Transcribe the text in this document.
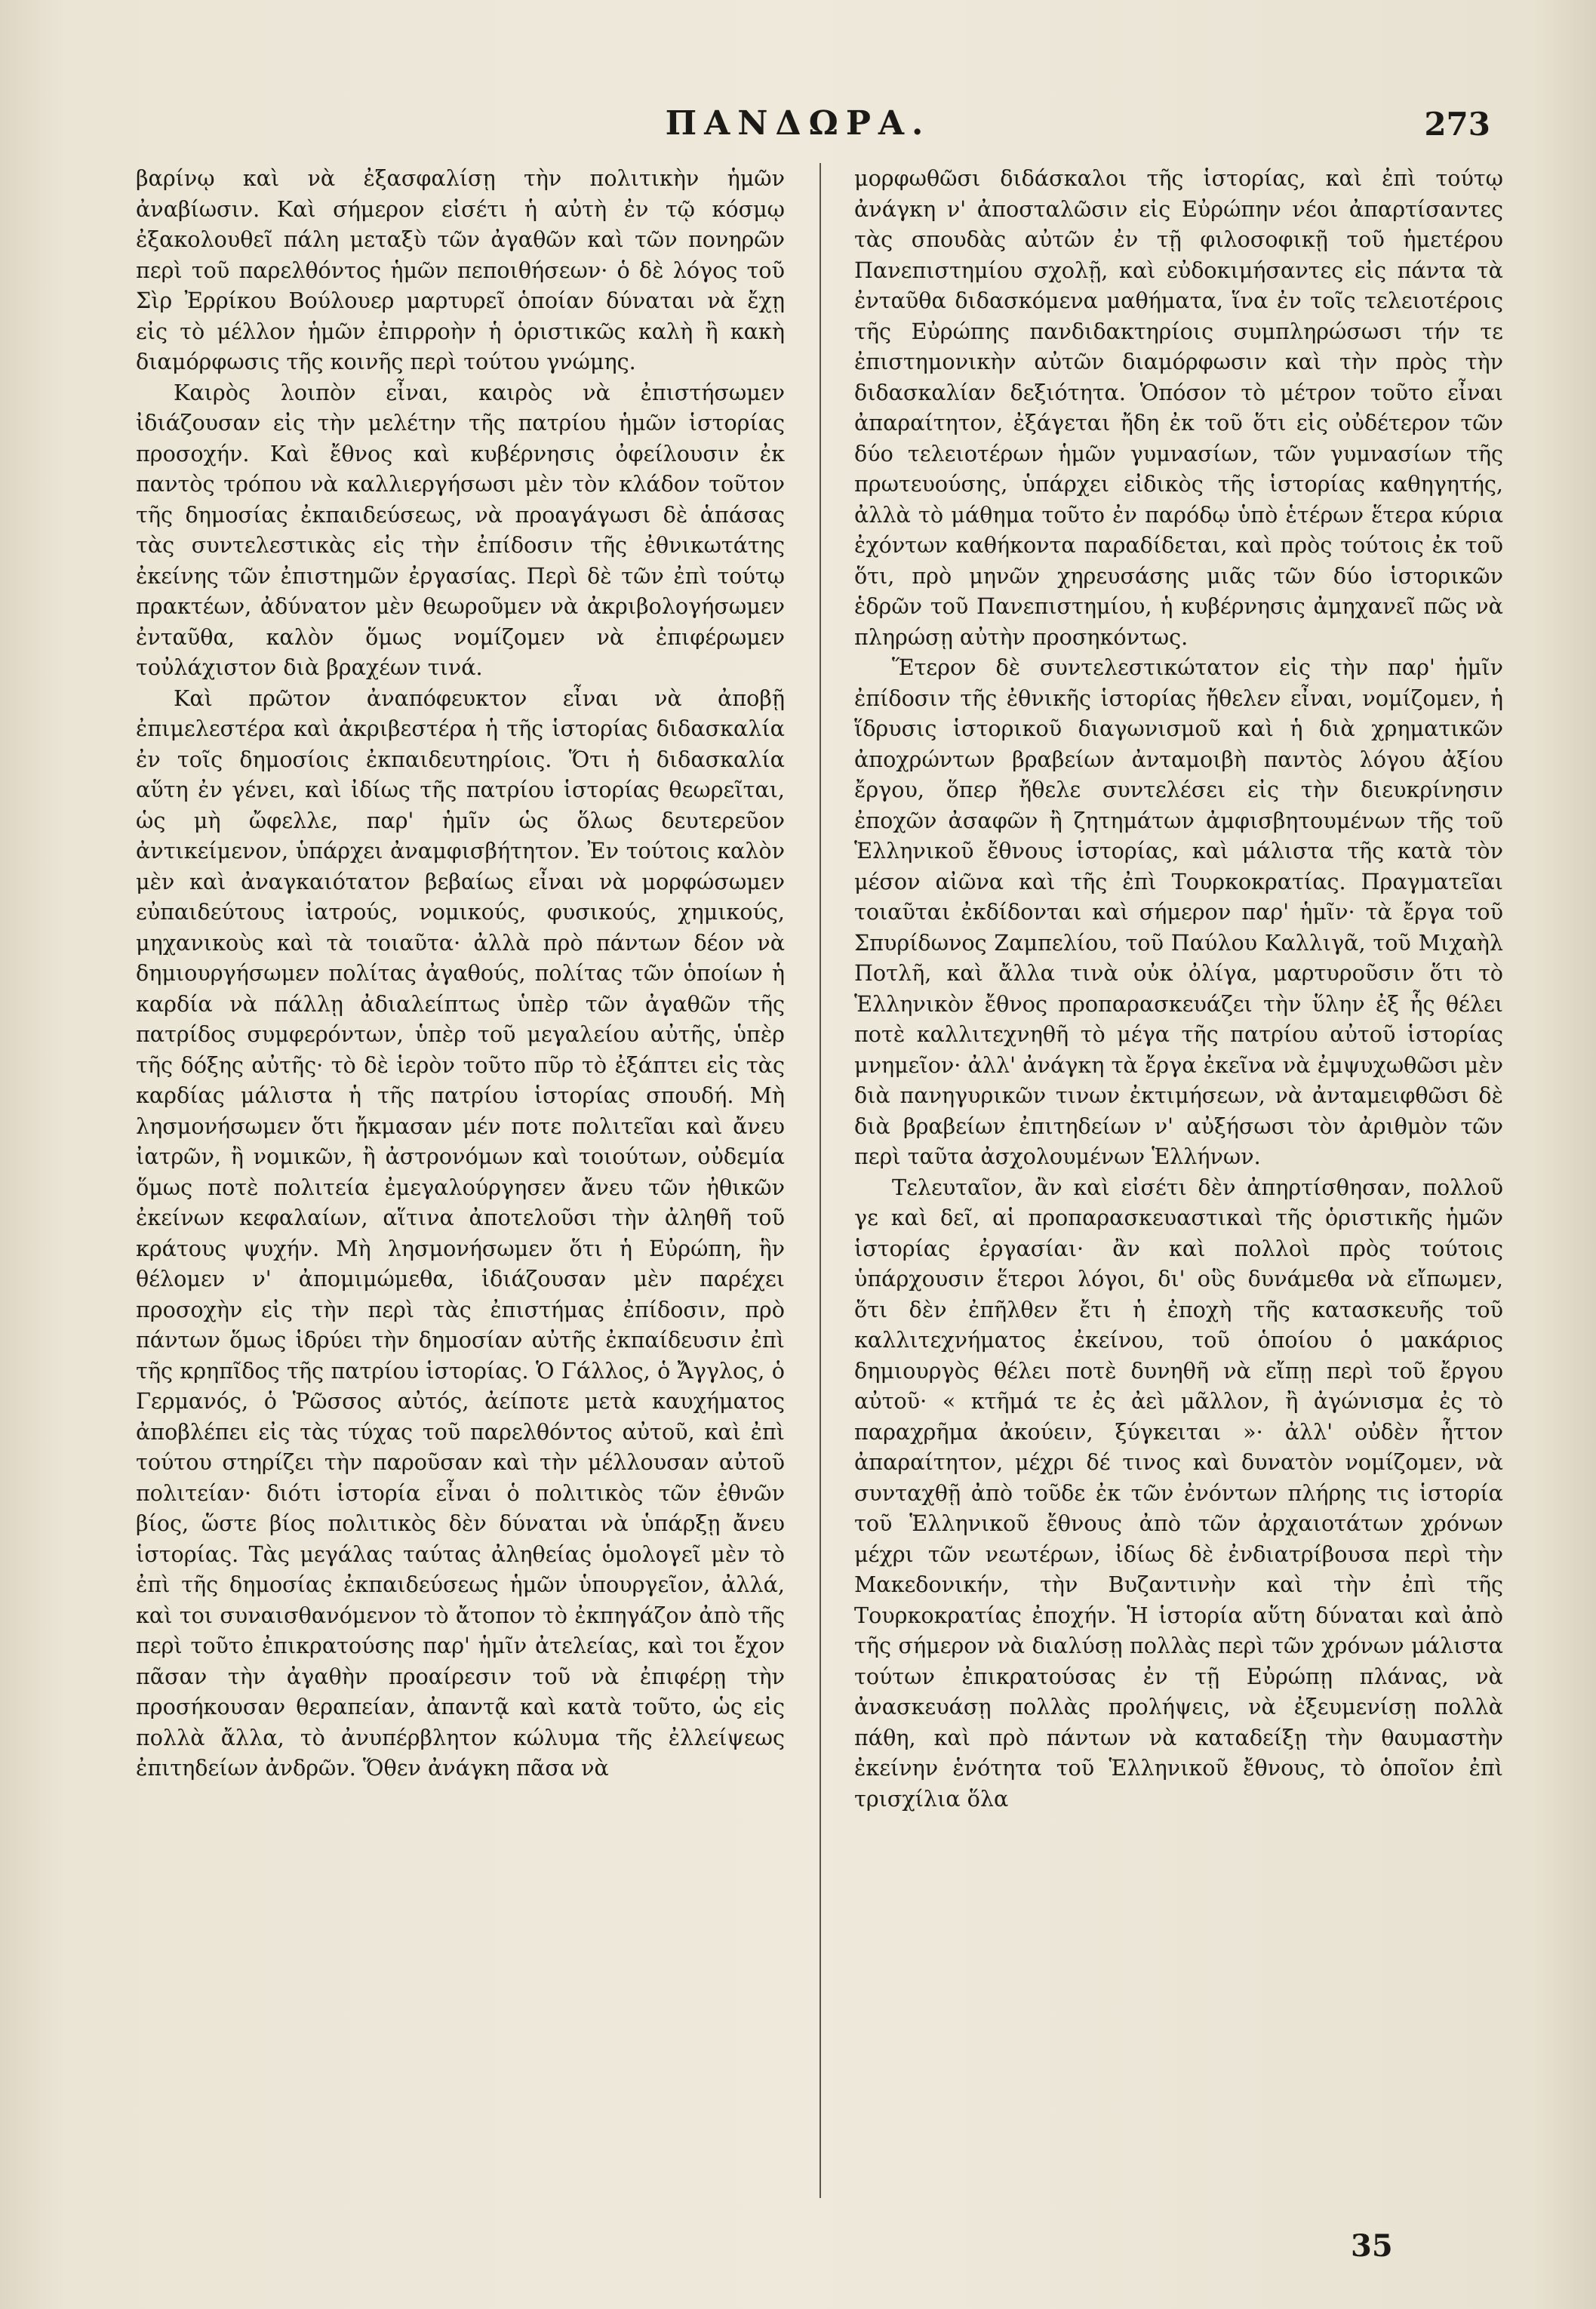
ΠΑΝΔΩΡΑ.	273

βαρίνῳ καὶ νὰ ἐξασφαλίσῃ τὴν πολιτικὴν ἡμῶν ἀναβίωσιν. Καὶ σήμερον εἰσέτι ἡ αὐτὴ ἐν τῷ κόσμῳ ἐξακολουθεῖ πάλη μεταξὺ τῶν ἀγαθῶν καὶ τῶν πονηρῶν περὶ τοῦ παρελθόντος ἡμῶν πεποιθήσεων· ὁ δὲ λόγος τοῦ Σὶρ Ἐρρίκου Βούλουερ μαρτυρεῖ ὁποίαν δύναται νὰ ἔχῃ εἰς τὸ μέλλον ἡμῶν ἐπιρροὴν ἡ ὁριστικῶς καλὴ ἢ κακὴ διαμόρφωσις τῆς κοινῆς περὶ τούτου γνώμης.

Καιρὸς λοιπὸν εἶναι, καιρὸς νὰ ἐπιστήσωμεν ἰδιάζουσαν εἰς τὴν μελέτην τῆς πατρίου ἡμῶν ἱστορίας προσοχήν. Καὶ ἔθνος καὶ κυβέρνησις ὀφείλουσιν ἐκ παντὸς τρόπου νὰ καλλιεργήσωσι μὲν τὸν κλάδον τοῦτον τῆς δημοσίας ἐκπαιδεύσεως, νὰ προαγάγωσι δὲ ἁπάσας τὰς συντελεστικὰς εἰς τὴν ἐπίδοσιν τῆς ἐθνικωτάτης ἐκείνης τῶν ἐπιστημῶν ἐργασίας. Περὶ δὲ τῶν ἐπὶ τούτῳ πρακτέων, ἀδύνατον μὲν θεωροῦμεν νὰ ἀκριβολογήσωμεν ἐνταῦθα, καλὸν ὅμως νομίζομεν νὰ ἐπιφέρωμεν τοὐλάχιστον διὰ βραχέων τινά.

Καὶ πρῶτον ἀναπόφευκτον εἶναι νὰ ἀποβῇ ἐπιμελεστέρα καὶ ἀκριβεστέρα ἡ τῆς ἱστορίας διδασκαλία ἐν τοῖς δημοσίοις ἐκπαιδευτηρίοις. Ὅτι ἡ διδασκαλία αὕτη ἐν γένει, καὶ ἰδίως τῆς πατρίου ἱστορίας θεωρεῖται, ὡς μὴ ὤφελλε, παρ' ἡμῖν ὡς ὅλως δευτερεῦον ἀντικείμενον, ὑπάρχει ἀναμφισβήτητον. Ἐν τούτοις καλὸν μὲν καὶ ἀναγκαιότατον βεβαίως εἶναι νὰ μορφώσωμεν εὐπαιδεύτους ἰατρούς, νομικούς, φυσικούς, χημικούς, μηχανικοὺς καὶ τὰ τοιαῦτα· ἀλλὰ πρὸ πάντων δέον νὰ δημιουργήσωμεν πολίτας ἀγαθούς, πολίτας τῶν ὁποίων ἡ καρδία νὰ πάλλῃ ἀδιαλείπτως ὑπὲρ τῶν ἀγαθῶν τῆς πατρίδος συμφερόντων, ὑπὲρ τοῦ μεγαλείου αὐτῆς, ὑπὲρ τῆς δόξης αὐτῆς· τὸ δὲ ἱερὸν τοῦτο πῦρ τὸ ἐξάπτει εἰς τὰς καρδίας μάλιστα ἡ τῆς πατρίου ἱστορίας σπουδή. Μὴ λησμονήσωμεν ὅτι ἤκμασαν μέν ποτε πολιτεῖαι καὶ ἄνευ ἰατρῶν, ἢ νομικῶν, ἢ ἀστρονόμων καὶ τοιούτων, οὐδεμία ὅμως ποτὲ πολιτεία ἐμεγαλούργησεν ἄνευ τῶν ἠθικῶν ἐκείνων κεφαλαίων, αἵτινα ἀποτελοῦσι τὴν ἀληθῆ τοῦ κράτους ψυχήν. Μὴ λησμονήσωμεν ὅτι ἡ Εὐρώπη, ἣν θέλομεν ν' ἀπομιμώμεθα, ἰδιάζουσαν μὲν παρέχει προσοχὴν εἰς τὴν περὶ τὰς ἐπιστήμας ἐπίδοσιν, πρὸ πάντων ὅμως ἱδρύει τὴν δημοσίαν αὐτῆς ἐκπαίδευσιν ἐπὶ τῆς κρηπῖδος τῆς πατρίου ἱστορίας. Ὁ Γάλλος, ὁ Ἄγγλος, ὁ Γερμανός, ὁ Ῥῶσσος αὐτός, ἀείποτε μετὰ καυχήματος ἀποβλέπει εἰς τὰς τύχας τοῦ παρελθόντος αὐτοῦ, καὶ ἐπὶ τούτου στηρίζει τὴν παροῦσαν καὶ τὴν μέλλουσαν αὐτοῦ πολιτείαν· διότι ἱστορία εἶναι ὁ πολιτικὸς τῶν ἐθνῶν βίος, ὥστε βίος πολιτικὸς δὲν δύναται νὰ ὑπάρξῃ ἄνευ ἱστορίας. Τὰς μεγάλας ταύτας ἀληθείας ὁμολογεῖ μὲν τὸ ἐπὶ τῆς δημοσίας ἐκπαιδεύσεως ἡμῶν ὑπουργεῖον, ἀλλά, καὶ τοι συναισθανόμενον τὸ ἄτοπον τὸ ἐκπηγάζον ἀπὸ τῆς περὶ τοῦτο ἐπικρατούσης παρ' ἡμῖν ἀτελείας, καὶ τοι ἔχον πᾶσαν τὴν ἀγαθὴν προαίρεσιν τοῦ νὰ ἐπιφέρῃ τὴν προσήκουσαν θεραπείαν, ἀπαντᾷ καὶ κατὰ τοῦτο, ὡς εἰς πολλὰ ἄλλα, τὸ ἀνυπέρβλητον κώλυμα τῆς ἐλλείψεως ἐπιτηδείων ἀνδρῶν. Ὅθεν ἀνάγκη πᾶσα νὰ

μορφωθῶσι διδάσκαλοι τῆς ἱστορίας, καὶ ἐπὶ τούτῳ ἀνάγκη ν' ἀποσταλῶσιν εἰς Εὐρώπην νέοι ἀπαρτίσαντες τὰς σπουδὰς αὐτῶν ἐν τῇ φιλοσοφικῇ τοῦ ἡμετέρου Πανεπιστημίου σχολῇ, καὶ εὐδοκιμήσαντες εἰς πάντα τὰ ἐνταῦθα διδασκόμενα μαθήματα, ἵνα ἐν τοῖς τελειοτέροις τῆς Εὐρώπης πανδιδακτηρίοις συμπληρώσωσι τήν τε ἐπιστημονικὴν αὐτῶν διαμόρφωσιν καὶ τὴν πρὸς τὴν διδασκαλίαν δεξιότητα. Ὁπόσον τὸ μέτρον τοῦτο εἶναι ἀπαραίτητον, ἐξάγεται ἤδη ἐκ τοῦ ὅτι εἰς οὐδέτερον τῶν δύο τελειοτέρων ἡμῶν γυμνασίων, τῶν γυμνασίων τῆς πρωτευούσης, ὑπάρχει εἰδικὸς τῆς ἱστορίας καθηγητής, ἀλλὰ τὸ μάθημα τοῦτο ἐν παρόδῳ ὑπὸ ἑτέρων ἕτερα κύρια ἐχόντων καθήκοντα παραδίδεται, καὶ πρὸς τούτοις ἐκ τοῦ ὅτι, πρὸ μηνῶν χηρευσάσης μιᾶς τῶν δύο ἱστορικῶν ἑδρῶν τοῦ Πανεπιστημίου, ἡ κυβέρνησις ἀμηχανεῖ πῶς νὰ πληρώσῃ αὐτὴν προσηκόντως.

Ἕτερον δὲ συντελεστικώτατον εἰς τὴν παρ' ἡμῖν ἐπίδοσιν τῆς ἐθνικῆς ἱστορίας ἤθελεν εἶναι, νομίζομεν, ἡ ἵδρυσις ἱστορικοῦ διαγωνισμοῦ καὶ ἡ διὰ χρηματικῶν ἀποχρώντων βραβείων ἀνταμοιβὴ παντὸς λόγου ἀξίου ἔργου, ὅπερ ἤθελε συντελέσει εἰς τὴν διευκρίνησιν ἐποχῶν ἀσαφῶν ἢ ζητημάτων ἀμφισβητουμένων τῆς τοῦ Ἑλληνικοῦ ἔθνους ἱστορίας, καὶ μάλιστα τῆς κατὰ τὸν μέσον αἰῶνα καὶ τῆς ἐπὶ Τουρκοκρατίας. Πραγματεῖαι τοιαῦται ἐκδίδονται καὶ σήμερον παρ' ἡμῖν· τὰ ἔργα τοῦ Σπυρίδωνος Ζαμπελίου, τοῦ Παύλου Καλλιγᾶ, τοῦ Μιχαὴλ Ποτλῆ, καὶ ἄλλα τινὰ οὐκ ὀλίγα, μαρτυροῦσιν ὅτι τὸ Ἑλληνικὸν ἔθνος προπαρασκευάζει τὴν ὕλην ἐξ ἧς θέλει ποτὲ καλλιτεχνηθῆ τὸ μέγα τῆς πατρίου αὐτοῦ ἱστορίας μνημεῖον· ἀλλ' ἀνάγκη τὰ ἔργα ἐκεῖνα νὰ ἐμψυχωθῶσι μὲν διὰ πανηγυρικῶν τινων ἐκτιμήσεων, νὰ ἀνταμειφθῶσι δὲ διὰ βραβείων ἐπιτηδείων ν' αὐξήσωσι τὸν ἀριθμὸν τῶν περὶ ταῦτα ἀσχολουμένων Ἑλλήνων.

Τελευταῖον, ἂν καὶ εἰσέτι δὲν ἀπηρτίσθησαν, πολλοῦ γε καὶ δεῖ, αἱ προπαρασκευαστικαὶ τῆς ὁριστικῆς ἡμῶν ἱστορίας ἐργασίαι· ἂν καὶ πολλοὶ πρὸς τούτοις ὑπάρχουσιν ἕτεροι λόγοι, δι' οὓς δυνάμεθα νὰ εἴπωμεν, ὅτι δὲν ἐπῆλθεν ἔτι ἡ ἐποχὴ τῆς κατασκευῆς τοῦ καλλιτεχνήματος ἐκείνου, τοῦ ὁποίου ὁ μακάριος δημιουργὸς θέλει ποτὲ δυνηθῆ νὰ εἴπῃ περὶ τοῦ ἔργου αὐτοῦ· « κτῆμά τε ἐς ἀεὶ μᾶλλον, ἢ ἀγώνισμα ἐς τὸ παραχρῆμα ἀκούειν, ξύγκειται »· ἀλλ' οὐδὲν ἧττον ἀπαραίτητον, μέχρι δέ τινος καὶ δυνατὸν νομίζομεν, νὰ συνταχθῇ ἀπὸ τοῦδε ἐκ τῶν ἐνόντων πλήρης τις ἱστορία τοῦ Ἑλληνικοῦ ἔθνους ἀπὸ τῶν ἀρχαιοτάτων χρόνων μέχρι τῶν νεωτέρων, ἰδίως δὲ ἐνδιατρίβουσα περὶ τὴν Μακεδονικήν, τὴν Βυζαντινὴν καὶ τὴν ἐπὶ τῆς Τουρκοκρατίας ἐποχήν. Ἡ ἱστορία αὕτη δύναται καὶ ἀπὸ τῆς σήμερον νὰ διαλύσῃ πολλὰς περὶ τῶν χρόνων μάλιστα τούτων ἐπικρατούσας ἐν τῇ Εὐρώπῃ πλάνας, νὰ ἀνασκευάσῃ πολλὰς προλήψεις, νὰ ἐξευμενίσῃ πολλὰ πάθη, καὶ πρὸ πάντων νὰ καταδείξῃ τὴν θαυμαστὴν ἐκείνην ἑνότητα τοῦ Ἑλληνικοῦ ἔθνους, τὸ ὁποῖον ἐπὶ τρισχίλια ὅλα

35
